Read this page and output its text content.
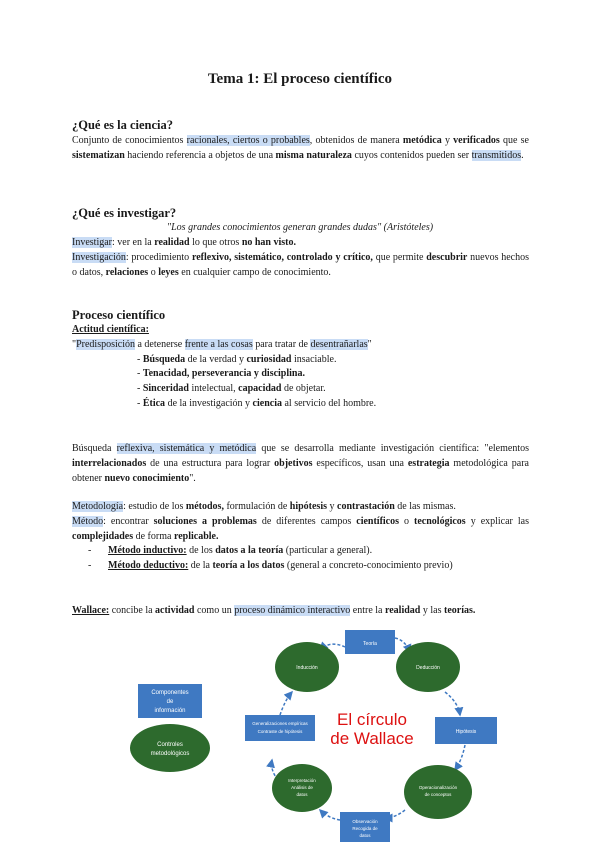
Tema 1: El proceso científico
¿Qué es la ciencia?
Conjunto de conocimientos racionales, ciertos o probables, obtenidos de manera metódica y verificados que se sistematizan haciendo referencia a objetos de una misma naturaleza cuyos contenidos pueden ser transmitidos.
¿Qué es investigar?
"Los grandes conocimientos generan grandes dudas" (Aristóteles)
Investigar: ver en la realidad lo que otros no han visto.
Investigación: procedimiento reflexivo, sistemático, controlado y crítico, que permite descubrir nuevos hechos o datos, relaciones o leyes en cualquier campo de conocimiento.
Proceso científico
Actitud científica:
"Predisposición a detenerse frente a las cosas para tratar de desentrañarlas"
- Búsqueda de la verdad y curiosidad insaciable.
- Tenacidad, perseverancia y disciplina.
- Sinceridad intelectual, capacidad de objetar.
- Ética de la investigación y ciencia al servicio del hombre.
Búsqueda reflexiva, sistemática y metódica que se desarrolla mediante investigación científica: "elementos interrelacionados de una estructura para lograr objetivos específicos, usan una estrategia metodológica para obtener nuevo conocimiento".
Metodología: estudio de los métodos, formulación de hipótesis y contrastación de las mismas.
Método: encontrar soluciones a problemas de diferentes campos científicos o tecnológicos y explicar las complejidades de forma replicable.
- Método inductivo: de los datos a la teoría (particular a general).
- Método deductivo: de la teoría a los datos (general a concreto-conocimiento previo)
Wallace: concibe la actividad como un proceso dinámico interactivo entre la realidad y las teorías.
Teoría
Deducción
Hipótesis
Operacionalización
de conceptos
Observación
Recogida de
datos
Interpretación
Análisis de
datos
Generalizaciones empíricas
Contraste de hipótesis
Inducción
El círculo
de Wallace
Componentes
de
información
Controles
metodológicos
